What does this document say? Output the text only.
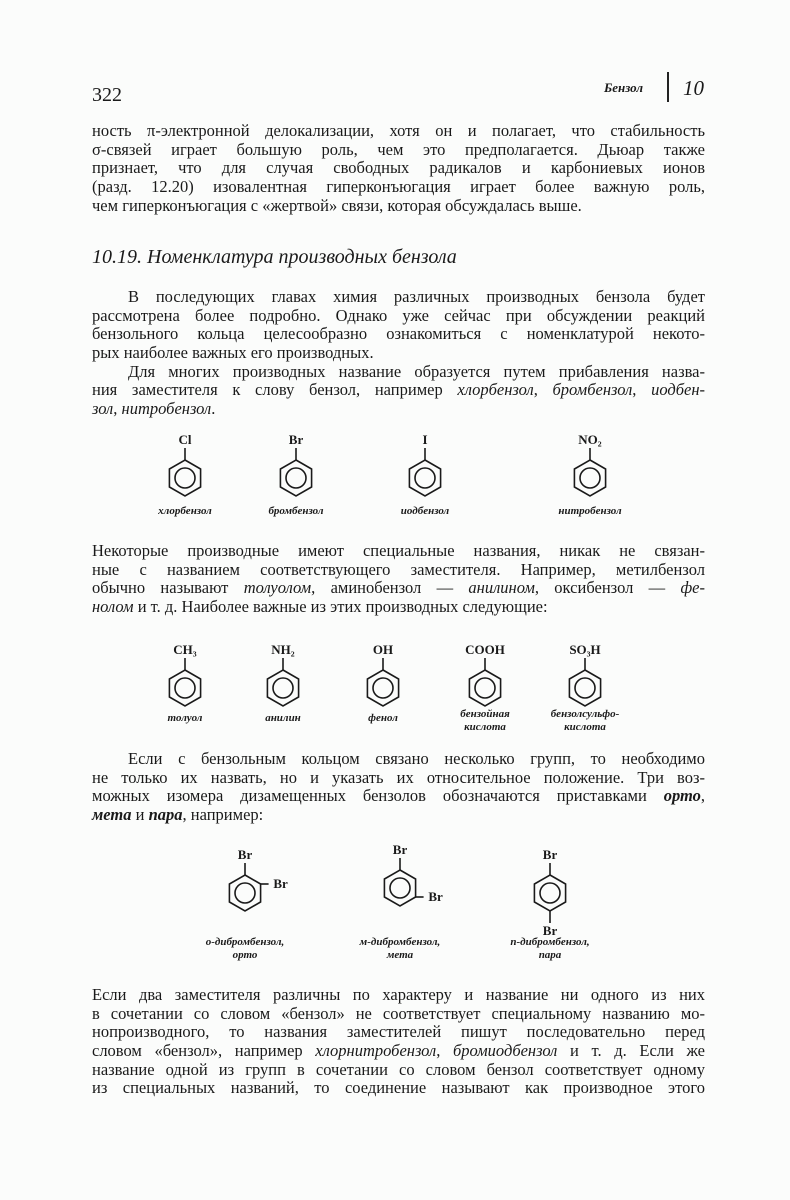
322	Бензол 10
10.19. Номенклатура производных бензола
ность π-электронной делокализации, хотя он и полагает, что стабильность
σ-связей играет большую роль, чем это предполагается. Дьюар также
признает, что для случая свободных радикалов и карбониевых ионов
(разд. 12.20) изовалентная гиперконъюгация играет более важную роль,
чем гиперконъюгация с «жертвой» связи, которая обсуждалась выше.
В последующих главах химия различных производных бензола будет
рассмотрена более подробно. Однако уже сейчас при обсуждении реакций
бензольного кольца целесообразно ознакомиться с номенклатурой некото-
рых наиболее важных его производных.
Для многих производных название образуется путем прибавления назва-
ния заместителя к слову бензол, например хлорбензол, бромбензол, иодбен-
зол, нитробензол.
Некоторые производные имеют специальные названия, никак не связан-
ные с названием соответствующего заместителя. Например, метилбензол
обычно называют толуолом, аминобензол — анилином, оксибензол — фе-
нолом и т. д. Наиболее важные из этих производных следующие:
Если с бензольным кольцом связано несколько групп, то необходимо
не только их назвать, но и указать их относительное положение. Три воз-
можных изомера дизамещенных бензолов обозначаются приставками орто,
мета и пара, например:
Если два заместителя различны по характеру и название ни одного из них
в сочетании со словом «бензол» не соответствует специальному названию мо-
нопроизводного, то названия заместителей пишут последовательно перед
словом «бензол», например хлорнитробензол, бромиодбензол и т. д. Если же
название одной из групп в сочетании со словом бензол соответствует одному
из специальных названий, то соединение называют как производное этого
Cl
хлорбензол
Br
бромбензол
I
иодбензол
NO₂
нитробензол
CH₃
толуол
NH₂
анилин
OH
фенол
COOH
бензойная
кислота
SO₃H
бензолсульфо-
кислота
Br
Br
о-дибромбензол,
орто
Br
Br
м-дибромбензол,
мета
Br
Br
п-дибромбензол,
пара
